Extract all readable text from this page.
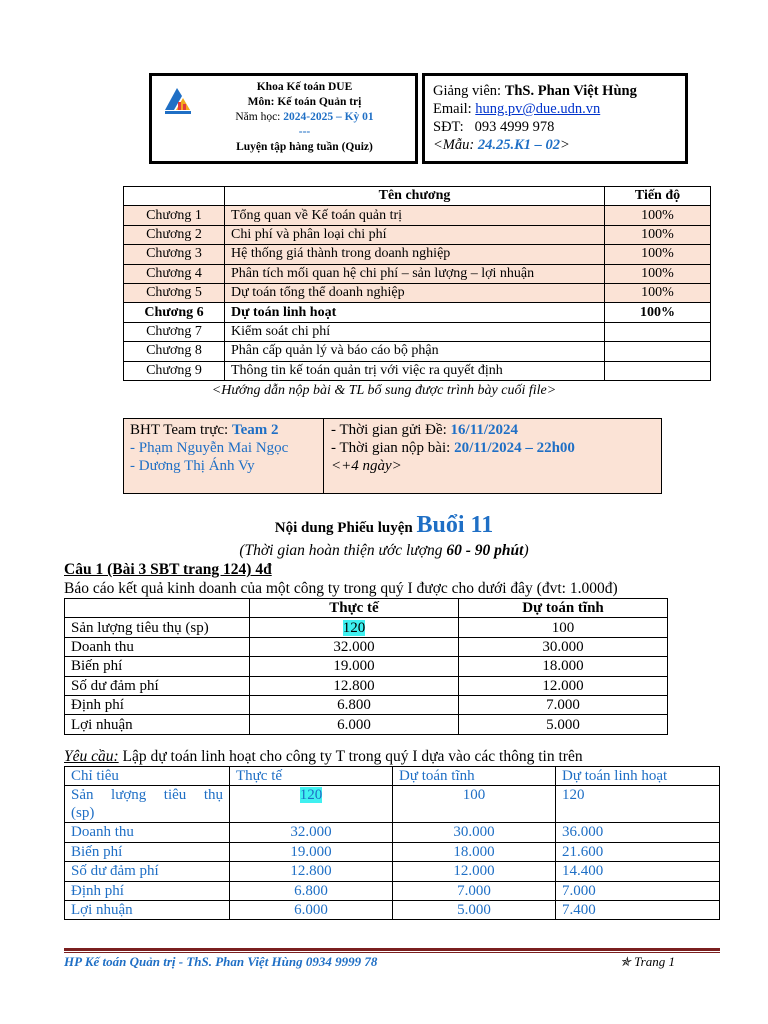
Khoa Kế toán DUE
Môn: Kế toán Quản trị
Năm học: 2024-2025 – Kỳ 01
---
Luyện tập hàng tuần (Quiz)
Giảng viên: ThS. Phan Việt Hùng
Email: hung.pv@due.udn.vn
SĐT: 093 4999 978
<Mẫu: 24.25.K1 – 02>
	Tên chương	Tiến độ
Chương 1	Tổng quan về Kế toán quản trị	100%
Chương 2	Chi phí và phân loại chi phí	100%
Chương 3	Hệ thống giá thành trong doanh nghiệp	100%
Chương 4	Phân tích mối quan hệ chi phí – sản lượng – lợi nhuận	100%
Chương 5	Dự toán tổng thể doanh nghiệp	100%
Chương 6	Dự toán linh hoạt	100%
Chương 7	Kiểm soát chi phí	
Chương 8	Phân cấp quản lý và báo cáo bộ phận	
Chương 9	Thông tin kế toán quản trị với việc ra quyết định	
<Hướng dẫn nộp bài & TL bổ sung được trình bày cuối file>
BHT Team trực: Team 2
- Phạm Nguyễn Mai Ngọc
- Dương Thị Ánh Vy
- Thời gian gửi Đề: 16/11/2024
- Thời gian nộp bài: 20/11/2024 – 22h00
<+4 ngày>
Nội dung Phiếu luyện Buổi 11
(Thời gian hoàn thiện ước lượng 60 - 90 phút)
Câu 1 (Bài 3 SBT trang 124) 4đ
Báo cáo kết quả kinh doanh của một công ty trong quý I được cho dưới đây (đvt: 1.000đ)
	Thực tế	Dự toán tĩnh
Sản lượng tiêu thụ (sp)	120	100
Doanh thu	32.000	30.000
Biến phí	19.000	18.000
Số dư đảm phí	12.800	12.000
Định phí	6.800	7.000
Lợi nhuận	6.000	5.000
Yêu cầu: Lập dự toán linh hoạt cho công ty T trong quý I dựa vào các thông tin trên
Chỉ tiêu	Thực tế	Dự toán tĩnh	Dự toán linh hoạt

Sản lượng tiêu thụ
(sp)	120	100	120
Doanh thu	32.000	30.000	36.000
Biến phí	19.000	18.000	21.600
Số dư đảm phí	12.800	12.000	14.400
Định phí	6.800	7.000	7.000
Lợi nhuận	6.000	5.000	7.400
HP Kế toán Quản trị - ThS. Phan Việt Hùng 0934 9999 78	✯ Trang 1
